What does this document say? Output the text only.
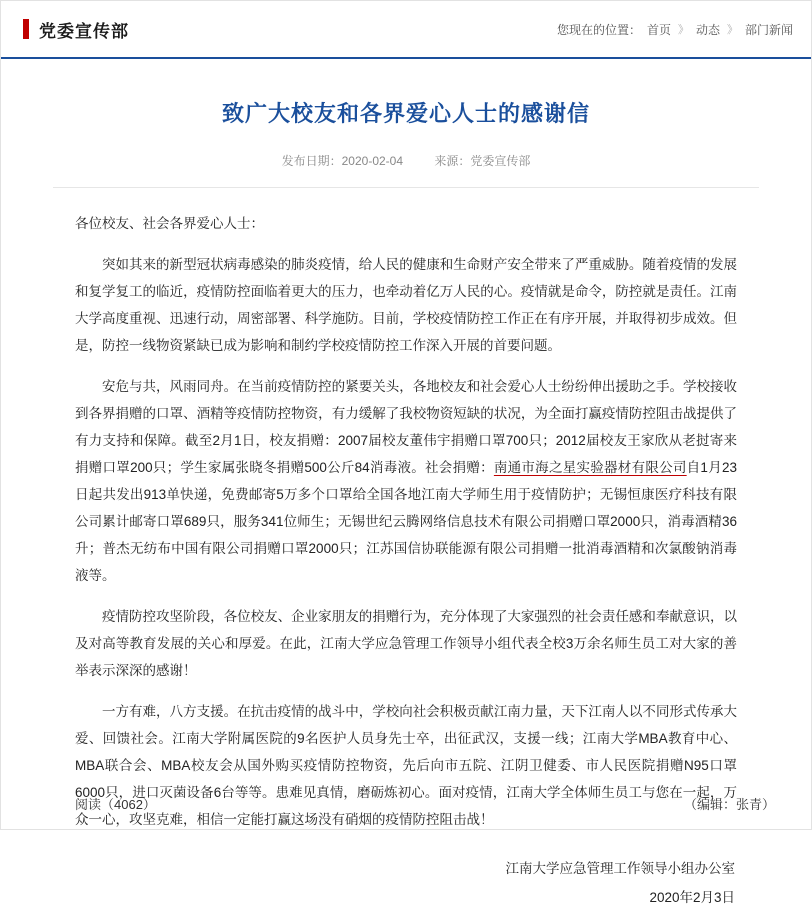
党委宣传部	您现在的位置： 首页 》 动态 》 部门新闻
致广大校友和各界爱心人士的感谢信
发布日期：2020-02-04	来源：党委宣传部

各位校友、社会各界爱心人士：

突如其来的新型冠状病毒感染的肺炎疫情，给人民的健康和生命财产安全带来了严重威胁。随着疫情的发展和复学复工的临近，疫情防控面临着更大的压力，也牵动着亿万人民的心。疫情就是命令，防控就是责任。江南大学高度重视、迅速行动，周密部署、科学施防。目前，学校疫情防控工作正在有序开展，并取得初步成效。但是，防控一线物资紧缺已成为影响和制约学校疫情防控工作深入开展的首要问题。

安危与共，风雨同舟。在当前疫情防控的紧要关头，各地校友和社会爱心人士纷纷伸出援助之手。学校接收到各界捐赠的口罩、酒精等疫情防控物资，有力缓解了我校物资短缺的状况，为全面打赢疫情防控阻击战提供了有力支持和保障。截至2月1日，校友捐赠：2007届校友董伟宇捐赠口罩700只；2012届校友王家欣从老挝寄来捐赠口罩200只；学生家属张晓冬捐赠500公斤84消毒液。社会捐赠：南通市海之星实验器材有限公司自1月23日起共发出913单快递，免费邮寄5万多个口罩给全国各地江南大学师生用于疫情防护；无锡恒康医疗科技有限公司累计邮寄口罩689只，服务341位师生；无锡世纪云腾网络信息技术有限公司捐赠口罩2000只，消毒酒精36升；普杰无纺布中国有限公司捐赠口罩2000只；江苏国信协联能源有限公司捐赠一批消毒酒精和次氯酸钠消毒液等。

疫情防控攻坚阶段，各位校友、企业家朋友的捐赠行为，充分体现了大家强烈的社会责任感和奉献意识，以及对高等教育发展的关心和厚爱。在此，江南大学应急管理工作领导小组代表全校3万余名师生员工对大家的善举表示深深的感谢！

一方有难，八方支援。在抗击疫情的战斗中，学校向社会积极贡献江南力量，天下江南人以不同形式传承大爱、回馈社会。江南大学附属医院的9名医护人员身先士卒，出征武汉，支援一线；江南大学MBA教育中心、MBA联合会、MBA校友会从国外购买疫情防控物资，先后向市五院、江阴卫健委、市人民医院捐赠N95口罩6000只，进口灭菌设备6台等等。患难见真情，磨砺炼初心。面对疫情，江南大学全体师生员工与您在一起，万众一心，攻坚克难，相信一定能打赢这场没有硝烟的疫情防控阻击战！

江南大学应急管理工作领导小组办公室
2020年2月3日
阅读（4062）	（编辑：张青）
